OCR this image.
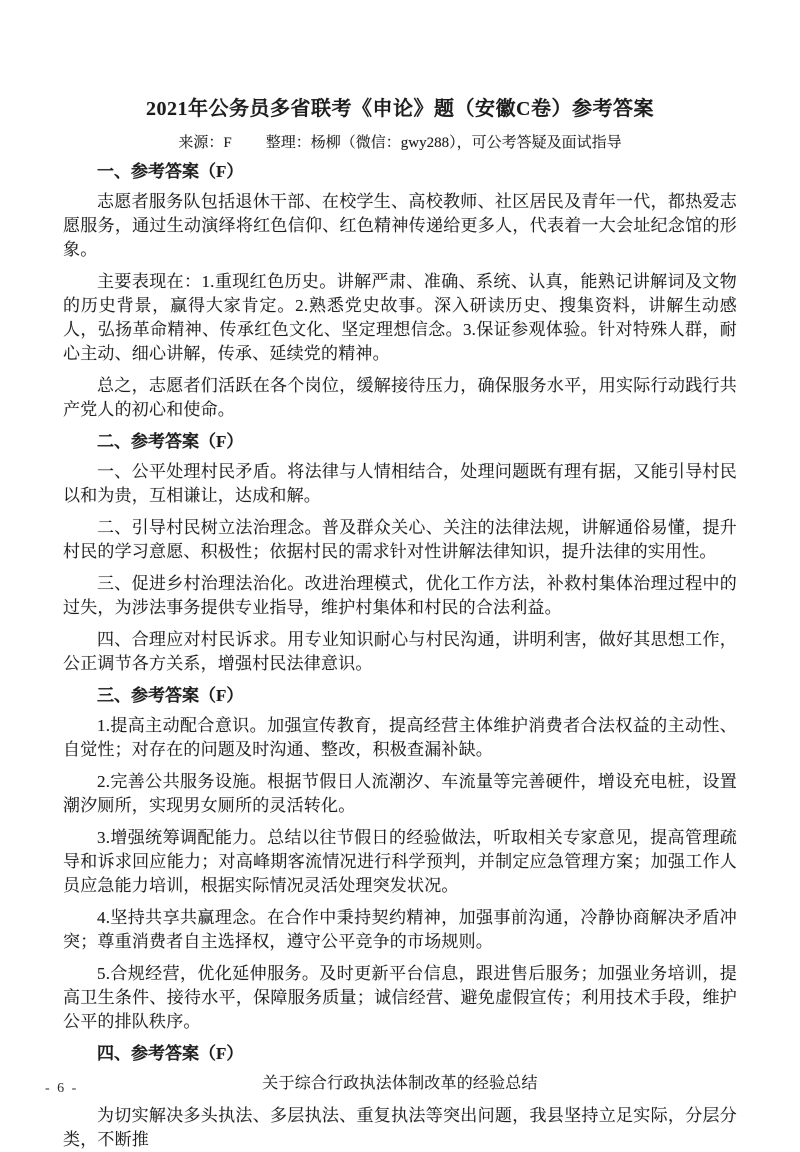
2021年公务员多省联考《申论》题（安徽C卷）参考答案
来源：F 整理：杨柳（微信：gwy288），可公考答疑及面试指导
一、参考答案（F）

志愿者服务队包括退休干部、在校学生、高校教师、社区居民及青年一代，都热爱志愿服务，通过生动演绎将红色信仰、红色精神传递给更多人，代表着一大会址纪念馆的形象。

主要表现在：1.重现红色历史。讲解严肃、准确、系统、认真，能熟记讲解词及文物的历史背景，赢得大家肯定。2.熟悉党史故事。深入研读历史、搜集资料，讲解生动感人，弘扬革命精神、传承红色文化、坚定理想信念。3.保证参观体验。针对特殊人群，耐心主动、细心讲解，传承、延续党的精神。

总之，志愿者们活跃在各个岗位，缓解接待压力，确保服务水平，用实际行动践行共产党人的初心和使命。

二、参考答案（F）

一、公平处理村民矛盾。将法律与人情相结合，处理问题既有理有据，又能引导村民以和为贵，互相谦让，达成和解。

二、引导村民树立法治理念。普及群众关心、关注的法律法规，讲解通俗易懂，提升村民的学习意愿、积极性；依据村民的需求针对性讲解法律知识，提升法律的实用性。

三、促进乡村治理法治化。改进治理模式，优化工作方法，补救村集体治理过程中的过失，为涉法事务提供专业指导，维护村集体和村民的合法利益。

四、合理应对村民诉求。用专业知识耐心与村民沟通，讲明利害，做好其思想工作，公正调节各方关系，增强村民法律意识。

三、参考答案（F）

1.提高主动配合意识。加强宣传教育，提高经营主体维护消费者合法权益的主动性、自觉性；对存在的问题及时沟通、整改，积极查漏补缺。

2.完善公共服务设施。根据节假日人流潮汐、车流量等完善硬件，增设充电桩，设置潮汐厕所，实现男女厕所的灵活转化。

3.增强统筹调配能力。总结以往节假日的经验做法，听取相关专家意见，提高管理疏导和诉求回应能力；对高峰期客流情况进行科学预判，并制定应急管理方案；加强工作人员应急能力培训，根据实际情况灵活处理突发状况。

4.坚持共享共赢理念。在合作中秉持契约精神，加强事前沟通，冷静协商解决矛盾冲突；尊重消费者自主选择权，遵守公平竞争的市场规则。

5.合规经营，优化延伸服务。及时更新平台信息，跟进售后服务；加强业务培训，提高卫生条件、接待水平，保障服务质量；诚信经营、避免虚假宣传；利用技术手段，维护公平的排队秩序。

四、参考答案（F）

关于综合行政执法体制改革的经验总结

为切实解决多头执法、多层执法、重复执法等突出问题，我县坚持立足实际，分层分类，不断推

- 6 -
